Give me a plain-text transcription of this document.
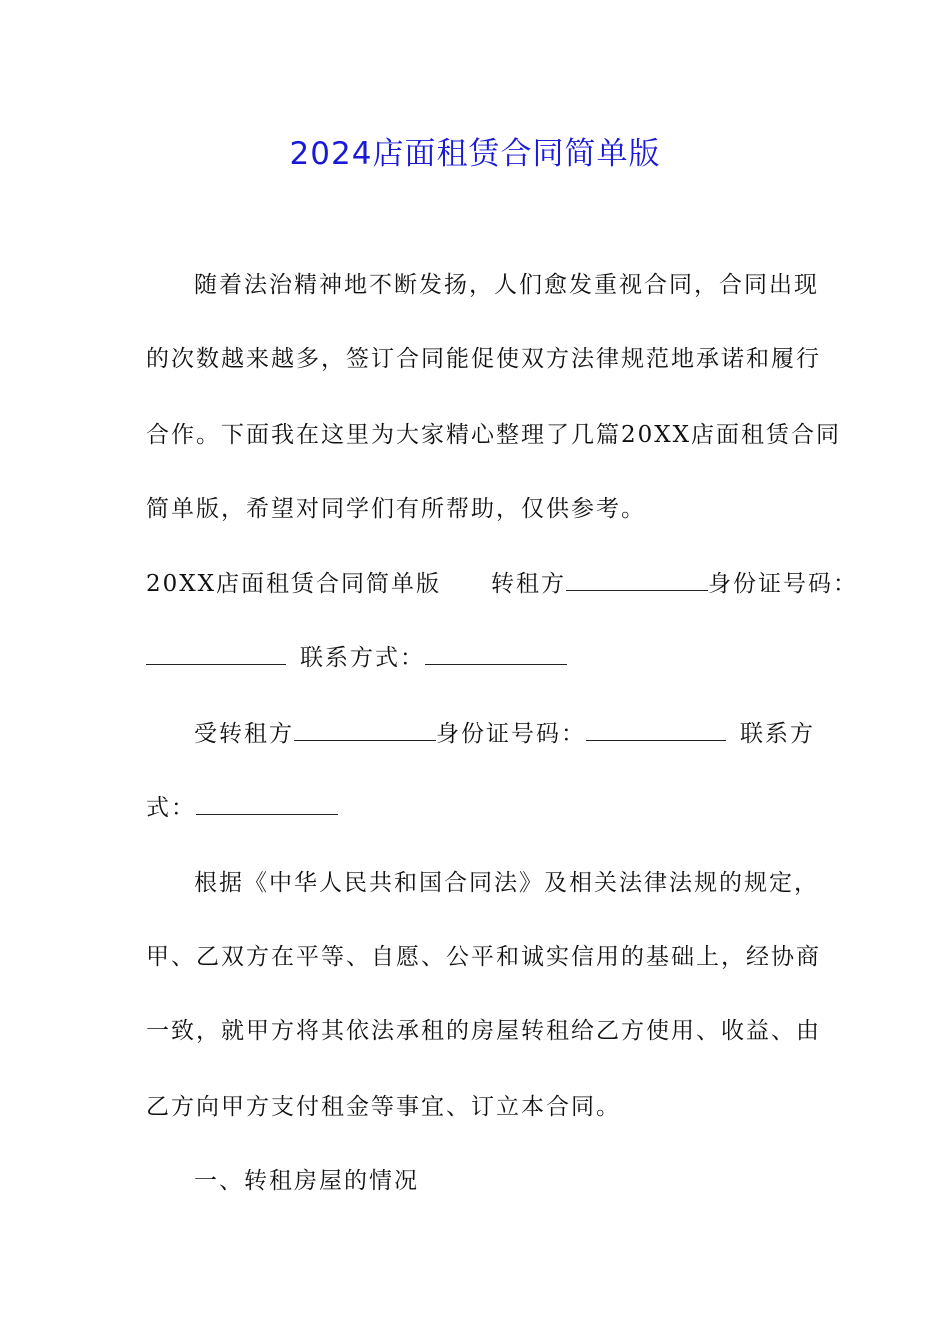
2024店面租赁合同简单版
随着法治精神地不断发扬，人们愈发重视合同，合同出现
的次数越来越多，签订合同能促使双方法律规范地承诺和履行
合作。下面我在这里为大家精心整理了几篇20XX店面租赁合同
简单版，希望对同学们有所帮助，仅供参考。
20XX店面租赁合同简单版 转租方	身份证号码：
联系方式：
受转租方	身份证号码：	联系方
式：
根据《中华人民共和国合同法》及相关法律法规的规定，
甲、乙双方在平等、自愿、公平和诚实信用的基础上，经协商
一致，就甲方将其依法承租的房屋转租给乙方使用、收益、由
乙方向甲方支付租金等事宜、订立本合同。
一、转租房屋的情况
